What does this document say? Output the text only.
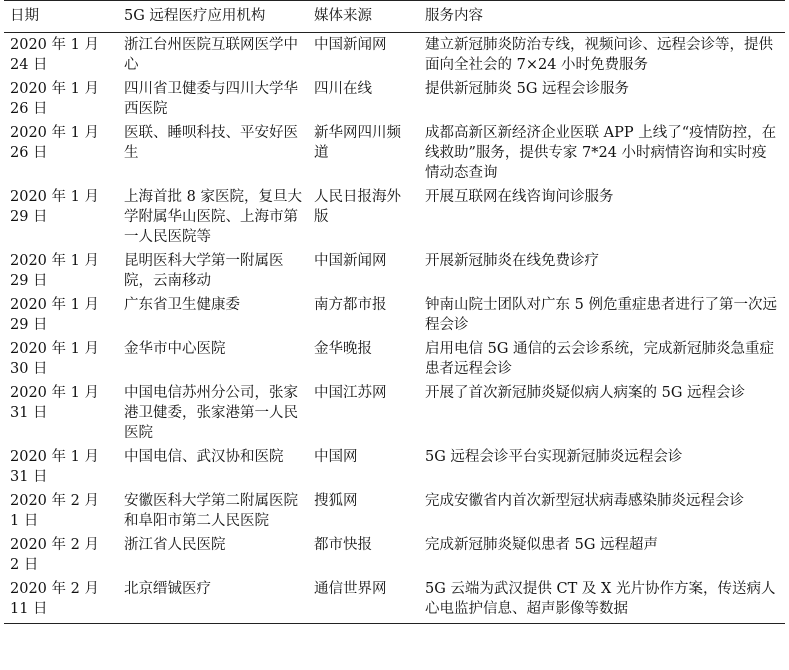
日期	5G 远程医疗应用机构	媒体来源	服务内容
2020 年 1 月 24 日	浙江台州医院互联网医学中心	中国新闻网	建立新冠肺炎防治专线，视频问诊、远程会诊等，提供面向全社会的 7×24 小时免费服务
2020 年 1 月 26 日	四川省卫健委与四川大学华西医院	四川在线	提供新冠肺炎 5G 远程会诊服务
2020 年 1 月 26 日	医联、睡呗科技、平安好医生	新华网四川频道	成都高新区新经济企业医联 APP 上线了“疫情防控，在线救助”服务，提供专家 7*24 小时病情咨询和实时疫情动态查询
2020 年 1 月 29 日	上海首批 8 家医院，复旦大学附属华山医院、上海市第一人民医院等	人民日报海外版	开展互联网在线咨询问诊服务
2020 年 1 月 29 日	昆明医科大学第一附属医院，云南移动	中国新闻网	开展新冠肺炎在线免费诊疗
2020 年 1 月 29 日	广东省卫生健康委	南方都市报	钟南山院士团队对广东 5 例危重症患者进行了第一次远程会诊
2020 年 1 月 30 日	金华市中心医院	金华晚报	启用电信 5G 通信的云会诊系统，完成新冠肺炎急重症患者远程会诊
2020 年 1 月 31 日	中国电信苏州分公司，张家港卫健委，张家港第一人民医院	中国江苏网	开展了首次新冠肺炎疑似病人病案的 5G 远程会诊
2020 年 1 月 31 日	中国电信、武汉协和医院	中国网	5G 远程会诊平台实现新冠肺炎远程会诊
2020 年 2 月 1 日	安徽医科大学第二附属医院和阜阳市第二人民医院	搜狐网	完成安徽省内首次新型冠状病毒感染肺炎远程会诊
2020 年 2 月 2 日	浙江省人民医院	都市快报	完成新冠肺炎疑似患者 5G 远程超声
2020 年 2 月 11 日	北京缙铖医疗	通信世界网	5G 云端为武汉提供 CT 及 X 光片协作方案，传送病人心电监护信息、超声影像等数据
